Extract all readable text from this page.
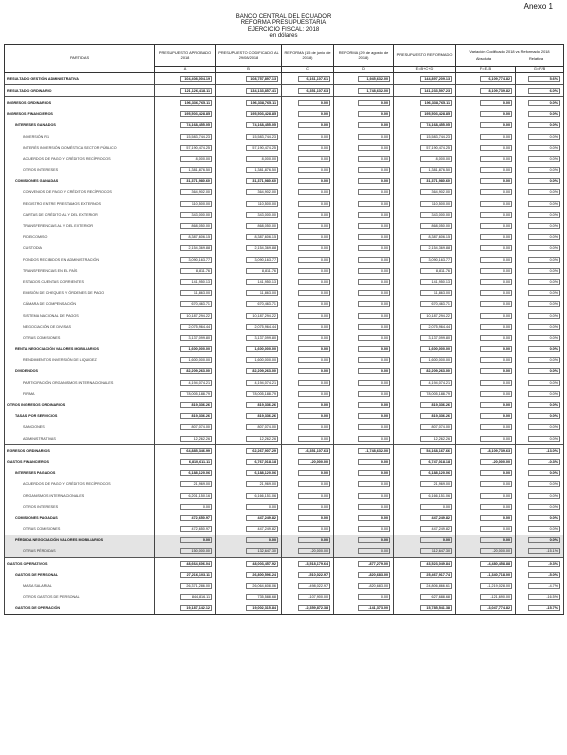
Anexo 1
BANCO CENTRAL DEL ECUADOR
REFORMA PRESUPUESTARIA
EJERCICIO FISCAL: 2018
en dólares
PARTIDAS	PRESUPUESTO APROBADO 2018	PRESUPUESTO CODIFICADO AL 29/08/2018	REFORMA (15 de junio de 2018)	REFORMA (29 de agosto de 2018)	PRESUPUESTO REFORMADO	Variación Codificado 2018 vs Reformado 2018
Absoluta Relativa	

	A	B	C	D	E=B+C+D	F=E-B	G=F/B
RESULTADO GESTIÓN ADMINISTRATIVA	104,408,004.19	108,757,897.13	6,161,107.61	1,945,632.00	144,897,209.13	6,109,774.82	5.6%
RESULTADO ORDINARIO	121,126,418.11	134,133,857.41	6,351,107.63	1,748,632.00	141,233,597.23	8,109,739.82	6.0%
INGRESOS ORDINARIOS	196,336,765.11	196,338,765.11	0.00	0.00	196,338,765.11	0.00	0.0%
INGRESOS FINANCIEROS	195,503,428.85	195,503,428.85	0.00	0.00	195,503,428.85	0.00	0.0%
INTERESES GANADOS	74,168,455.05	74,168,455.05	0.00	0.00	74,168,455.05	0.00	0.0%
INVERSIÓN R1	15,583,744.23	15,583,744.23	0.00	0.00	15,583,744.23	0.00	0.0%
INTERÉS INVERSIÓN DOMÉSTICA SECTOR PÚBLICO	57,190,474.25	57,190,474.25	0.00	0.00	57,190,474.25	0.00	0.0%
ACUERDOS DE PAGO Y CRÉDITOS RECÍPROCOS	8,000.00	8,000.00	0.00	0.00	8,000.00	0.00	0.0%
OTROS INTERESES	1,381,876.50	1,381,876.50	0.00	0.00	1,381,876.50	0.00	0.0%
COMISIONES GANADAS	31,371,980.60	31,371,980.60	0.00	0.00	31,371,980.60	0.00	0.0%
CONVENIOS DE PAGO Y CRÉDITOS RECÍPROCOS	364,902.00	364,902.00	0.00	0.00	364,902.00	0.00	0.0%
REGISTRO ENTRE PRESTAMOS EXTERNOS	110,500.00	110,500.00	0.00	0.00	110,500.00	0.00	0.0%
CARTAS DE CRÉDITO AL Y DEL EXTERIOR	343,000.00	343,000.00	0.00	0.00	343,000.00	0.00	0.0%
TRANSFERENCIAS AL Y DEL EXTERIOR	868,050.00	868,050.00	0.00	0.00	868,050.00	0.00	0.0%
FIDEICOMISO	8,387,606.15	8,387,606.15	0.00	0.00	8,387,606.15	0.00	0.0%
CUSTODIA	2,154,369.88	2,154,369.88	0.00	0.00	2,154,369.88	0.00	0.0%
FONDOS RECIBIDOS EN ADMINISTRACIÓN	3,090,163.77	3,090,163.77	0.00	0.00	3,090,163.77	0.00	0.0%
TRANSFERENCIAS EN EL PAÍS	8,811.76	8,811.76	0.00	0.00	8,811.76	0.00	0.0%
ESTADOS CUENTAS CORRIENTES	141,950.13	141,950.13	0.00	0.00	141,950.13	0.00	0.0%
EMISIÓN DE CHEQUES Y ÓRDENES DE PAGO	11,863.00	11,863.00	0.00	0.00	11,863.00	0.00	0.0%
CÁMARA DE COMPENSACIÓN	670,463.71	670,463.71	0.00	0.00	670,463.71	0.00	0.0%
SISTEMA NACIONAL DE PAGOS	10,187,294.22	10,187,294.22	0.00	0.00	10,187,294.22	0.00	0.0%
NEGOCIACIÓN DE DIVISAS	2,075,964.44	2,075,964.44	0.00	0.00	2,075,964.44	0.00	0.0%
OTRAS COMISIONES	3,137,099.80	3,137,099.80	0.00	0.00	3,137,099.80	0.00	0.0%
RENTA NEGOCIACIÓN VALORES MOBILIARIOS	1,600,000.00	1,600,000.00	0.00	0.00	1,600,000.00	0.00	0.0%
RENDIMIENTOS INVERSIÓN DE LIQUIDEZ	1,600,000.00	1,600,000.00	0.00	0.00	1,600,000.00	0.00	0.0%
DIVIDENDOS	82,209,263.00	82,209,263.00	0.00	0.00	82,209,263.00	0.00	0.0%
PARTICIPACIÓN ORGANISMOS INTERNACIONALES	4,194,074.21	4,194,074.21	0.00	0.00	4,194,074.21	0.00	0.0%
FIRMA	78,005,188.79	78,005,188.79	0.00	0.00	78,005,188.79	0.00	0.0%
OTROS INGRESOS ORDINARIOS	819,336.26	819,336.26	0.00	0.00	819,336.26	0.00	0.0%
TASAS POR SERVICIOS	819,336.26	819,336.26	0.00	0.00	819,336.26	0.00	0.0%
SANCIONES	807,074.00	807,074.00	0.00	0.00	807,074.00	0.00	0.0%
ADMINISTRATIVAS	12,262.26	12,262.26	0.00	0.00	12,262.26	0.00	0.0%
EGRESOS ORDINARIOS	64,885,346.99	62,267,907.29	-6,351,107.63	-1,748,632.00	54,168,167.66	-8,109,739.63	-13.0%
GASTOS FINANCIEROS	6,810,611.11	6,767,018.18	-20,000.00	0.00	6,747,018.18	-20,000.00	-0.3%
INTERESES PAGADOS	6,188,120.06	6,188,120.06	0.00	0.00	6,188,120.06	0.00	0.0%
ACUERDOS DE PAGO Y CRÉDITOS RECÍPROCOS	21,969.00	21,969.00	0.00	0.00	21,969.00	0.00	0.0%
ORGANISMOS INTERNACIONALES	6,201,150.16	6,166,151.06	0.00	0.00	6,166,151.06	0.00	0.0%
OTROS INTERESES	0.00	0.00	0.00	0.00	0.00	0.00	0.0%
COMISIONES PAGADAS	472,650.97	447,249.82	0.00	0.00	447,249.82	0.00	0.0%
OTRAS COMISIONES	472,650.97	447,249.82	0.00	0.00	447,249.82	0.00	0.0%
PÉRDIDA NEGOCIACIÓN VALORES MOBILIARIOS	0.00	0.00	0.00	0.00	0.00	0.00	0.0%
OTRAS PÉRDIDAS	150,000.00	132,647.30	-20,000.00	0.00	112,647.30	-20,000.00	-15.1%
GASTOS OPERATIVOS	48,664,606.04	48,003,457.92	-3,518,179.64	-877,279.00	43,523,049.84	-4,480,458.88	-9.3%
GASTOS DE PERSONAL	27,216,103.11	26,800,596.24	-510,022.97	-820,683.00	25,467,917.74	-1,340,718.00	-5.0%
MASA SALARIAL	26,371,286.00	26,064,608.06	-498,022.97	-820,683.00	24,806,866.61	-1,219,028.00	-4.7%
OTROS GASTOS DE PERSONAL	844,816.11	735,588.68	-107,900.00	0.00	627,688.68	-121,690.00	-16.5%
GASTOS DE OPERACIÓN	19,187,142.12	19,002,315.84	-2,359,872.38	-141,373.00	15,785,541.38	-3,047,774.82	-15.7%
